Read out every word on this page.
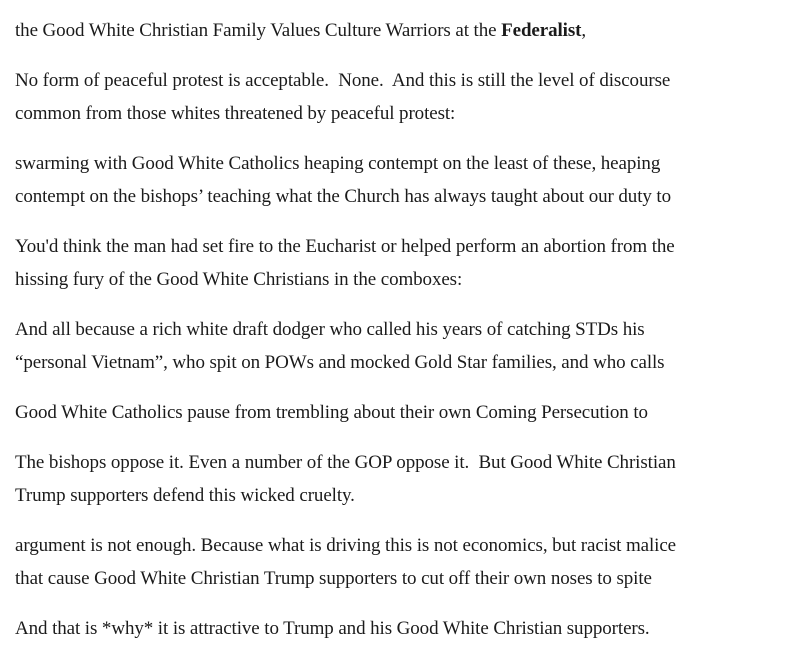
the Good White Christian Family Values Culture Warriors at the Federalist,

No form of peaceful protest is acceptable.  None.  And this is still the level of discourse
common from those whites threatened by peaceful protest:

swarming with Good White Catholics heaping contempt on the least of these, heaping
contempt on the bishops’ teaching what the Church has always taught about our duty to

You'd think the man had set fire to the Eucharist or helped perform an abortion from the
hissing fury of the Good White Christians in the comboxes:

And all because a rich white draft dodger who called his years of catching STDs his
“personal Vietnam”, who spit on POWs and mocked Gold Star families, and who calls

Good White Catholics pause from trembling about their own Coming Persecution to

The bishops oppose it. Even a number of the GOP oppose it.  But Good White Christian
Trump supporters defend this wicked cruelty.

argument is not enough. Because what is driving this is not economics, but racist malice
that cause Good White Christian Trump supporters to cut off their own noses to spite

And that is *why* it is attractive to Trump and his Good White Christian supporters.
